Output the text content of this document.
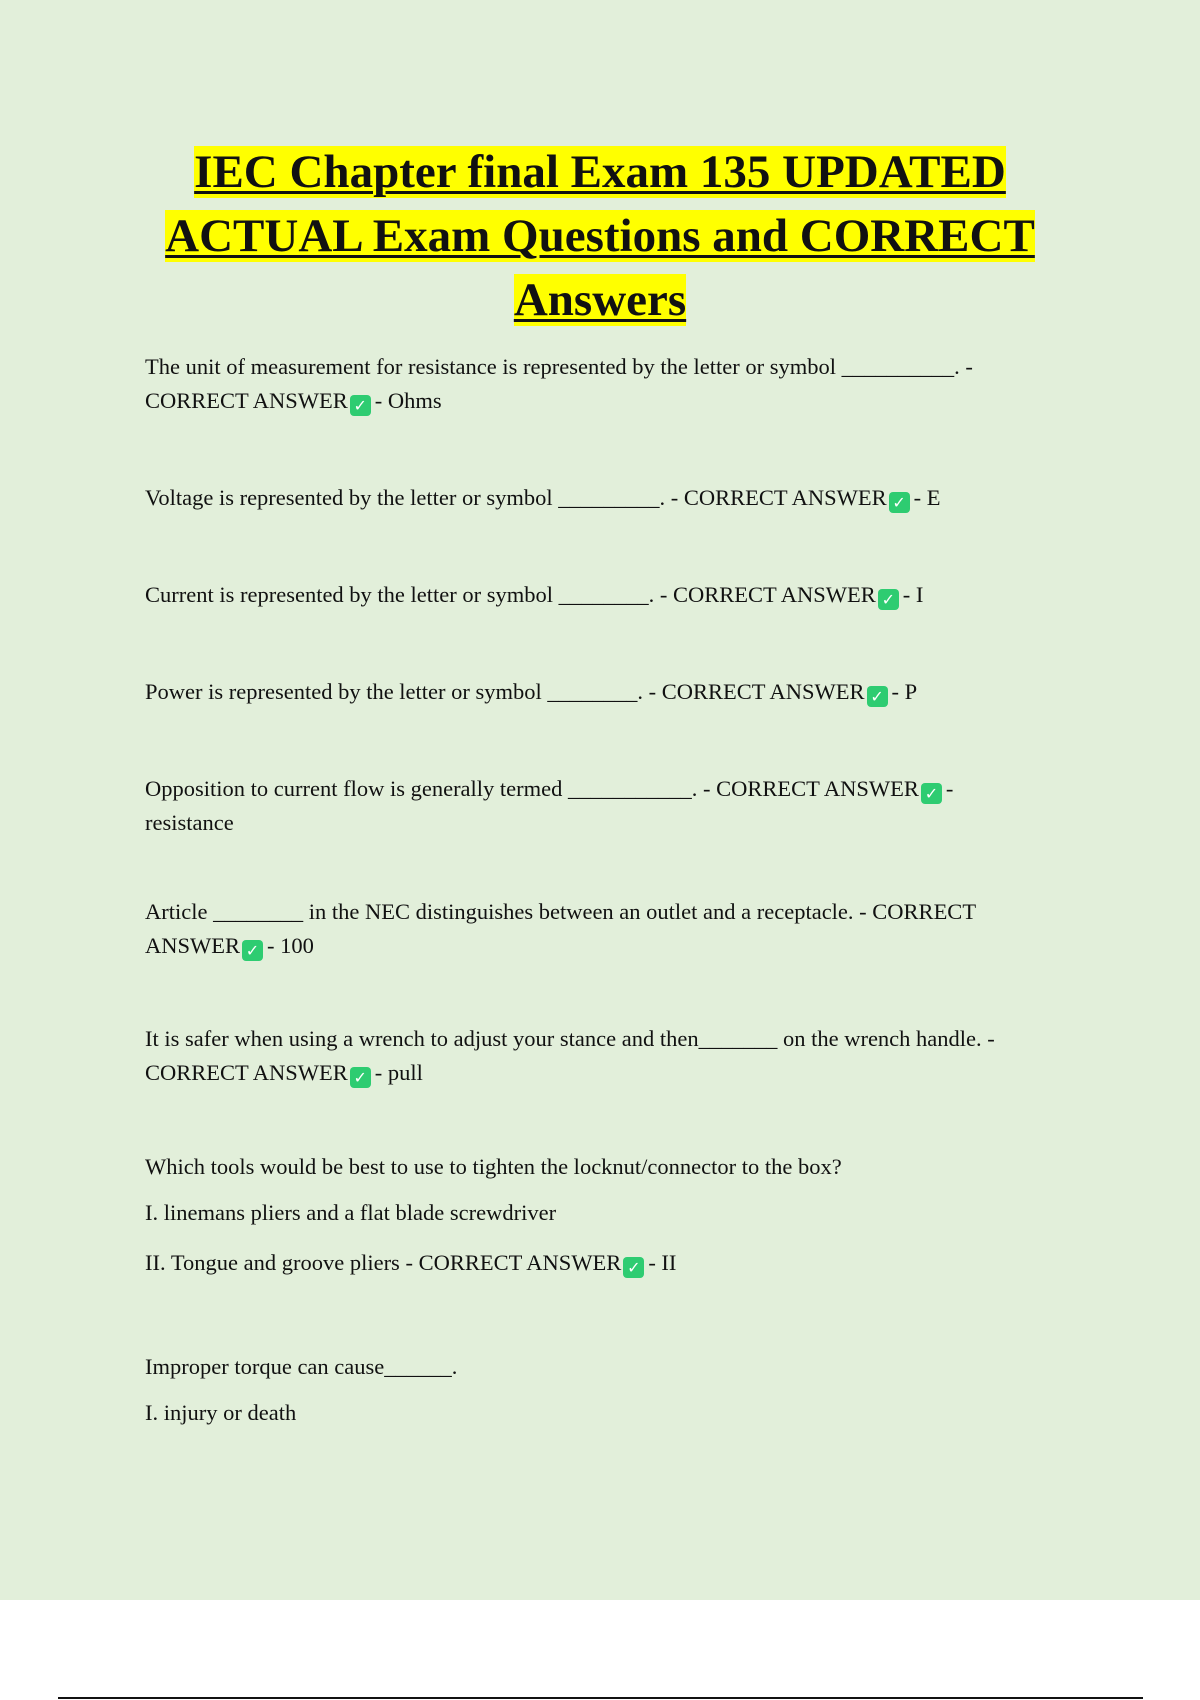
IEC Chapter final Exam 135 UPDATED ACTUAL Exam Questions and CORRECT Answers

The unit of measurement for resistance is represented by the letter or symbol __________. - CORRECT ANSWER ✓ - Ohms

Voltage is represented by the letter or symbol _________. - CORRECT ANSWER ✓ - E

Current is represented by the letter or symbol ________. - CORRECT ANSWER ✓ - I

Power is represented by the letter or symbol ________. - CORRECT ANSWER ✓ - P

Opposition to current flow is generally termed ___________. - CORRECT ANSWER ✓ - resistance

Article ________ in the NEC distinguishes between an outlet and a receptacle. - CORRECT ANSWER ✓ - 100

It is safer when using a wrench to adjust your stance and then_______ on the wrench handle. - CORRECT ANSWER ✓ - pull

Which tools would be best to use to tighten the locknut/connector to the box?

I. linemans pliers and a flat blade screwdriver

II. Tongue and groove pliers - CORRECT ANSWER ✓ - II

Improper torque can cause______.

I. injury or death
